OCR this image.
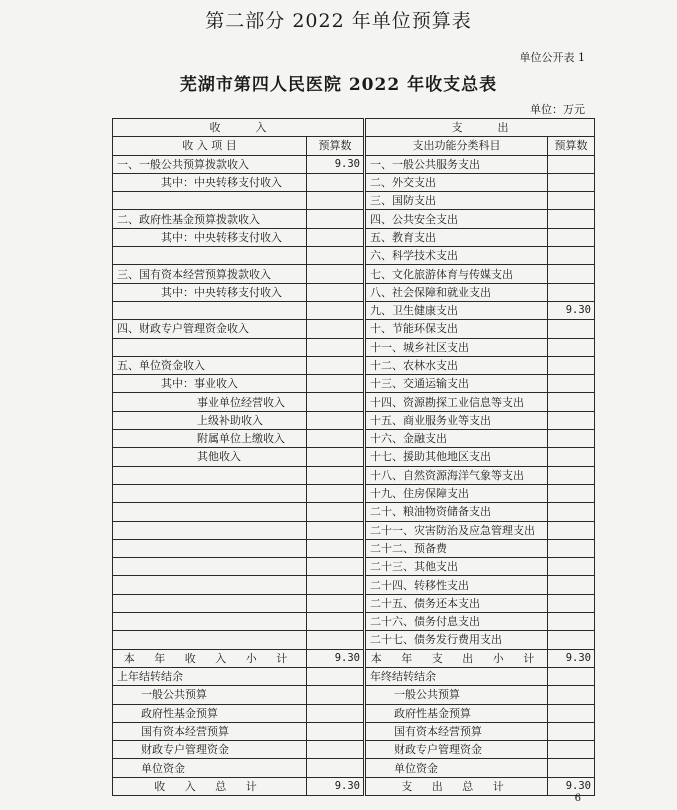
第二部分 2022 年单位预算表
单位公开表 1
芜湖市第四人民医院 2022 年收支总表
单位：万元
收          入		支          出	
收 入 项 目	预算数	支出功能分类科目	预算数
一、一般公共预算拨款收入	9.30	一、一般公共服务支出	
其中：中央转移支付收入		二、外交支出	
		三、国防支出	
二、政府性基金预算拨款收入		四、公共安全支出	
其中：中央转移支付收入		五、教育支出	
		六、科学技术支出	
三、国有资本经营预算拨款收入		七、文化旅游体育与传媒支出	
其中：中央转移支付收入		八、社会保障和就业支出	
		九、卫生健康支出	9.30
四、财政专户管理资金收入		十、节能环保支出	
		十一、城乡社区支出	
五、单位资金收入		十二、农林水支出	
其中：事业收入		十三、交通运输支出	
事业单位经营收入		十四、资源勘探工业信息等支出	
上级补助收入		十五、商业服务业等支出	
附属单位上缴收入		十六、金融支出	
其他收入		十七、援助其他地区支出	
		十八、自然资源海洋气象等支出	
		十九、住房保障支出	
		二十、粮油物资储备支出	
		二十一、灾害防治及应急管理支出	
		二十二、预备费	
		二十三、其他支出	
		二十四、转移性支出	
		二十五、债务还本支出	
		二十六、债务付息支出	
		二十七、债务发行费用支出	
本 年 收 入 小 计	9.30	本 年 支 出 小 计	9.30
上年结转结余		年终结转结余	
一般公共预算		一般公共预算	
政府性基金预算		政府性基金预算	
国有资本经营预算		国有资本经营预算	
财政专户管理资金		财政专户管理资金	
单位资金		单位资金	
收 入 总 计	9.30	支 出 总 计	9.30
6
